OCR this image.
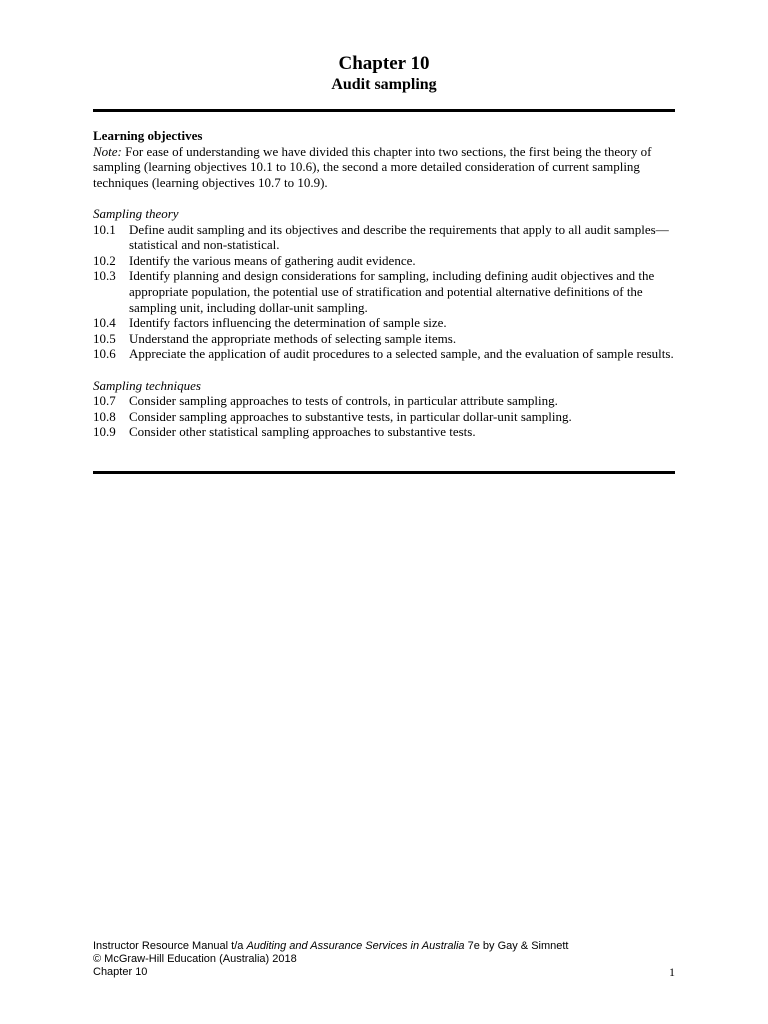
Chapter 10
Audit sampling
Learning objectives
Note: For ease of understanding we have divided this chapter into two sections, the first being the theory of sampling (learning objectives 10.1 to 10.6), the second a more detailed consideration of current sampling techniques (learning objectives 10.7 to 10.9).
Sampling theory
10.1	Define audit sampling and its objectives and describe the requirements that apply to all audit samples—statistical and non-statistical.
10.2	Identify the various means of gathering audit evidence.
10.3	Identify planning and design considerations for sampling, including defining audit objectives and the appropriate population, the potential use of stratification and potential alternative definitions of the sampling unit, including dollar-unit sampling.
10.4	Identify factors influencing the determination of sample size.
10.5	Understand the appropriate methods of selecting sample items.
10.6	Appreciate the application of audit procedures to a selected sample, and the evaluation of sample results.
Sampling techniques
10.7	Consider sampling approaches to tests of controls, in particular attribute sampling.
10.8	Consider sampling approaches to substantive tests, in particular dollar-unit sampling.
10.9	Consider other statistical sampling approaches to substantive tests.
Instructor Resource Manual t/a Auditing and Assurance Services in Australia 7e by Gay & Simnett
© McGraw-Hill Education (Australia) 2018
Chapter 10	1
